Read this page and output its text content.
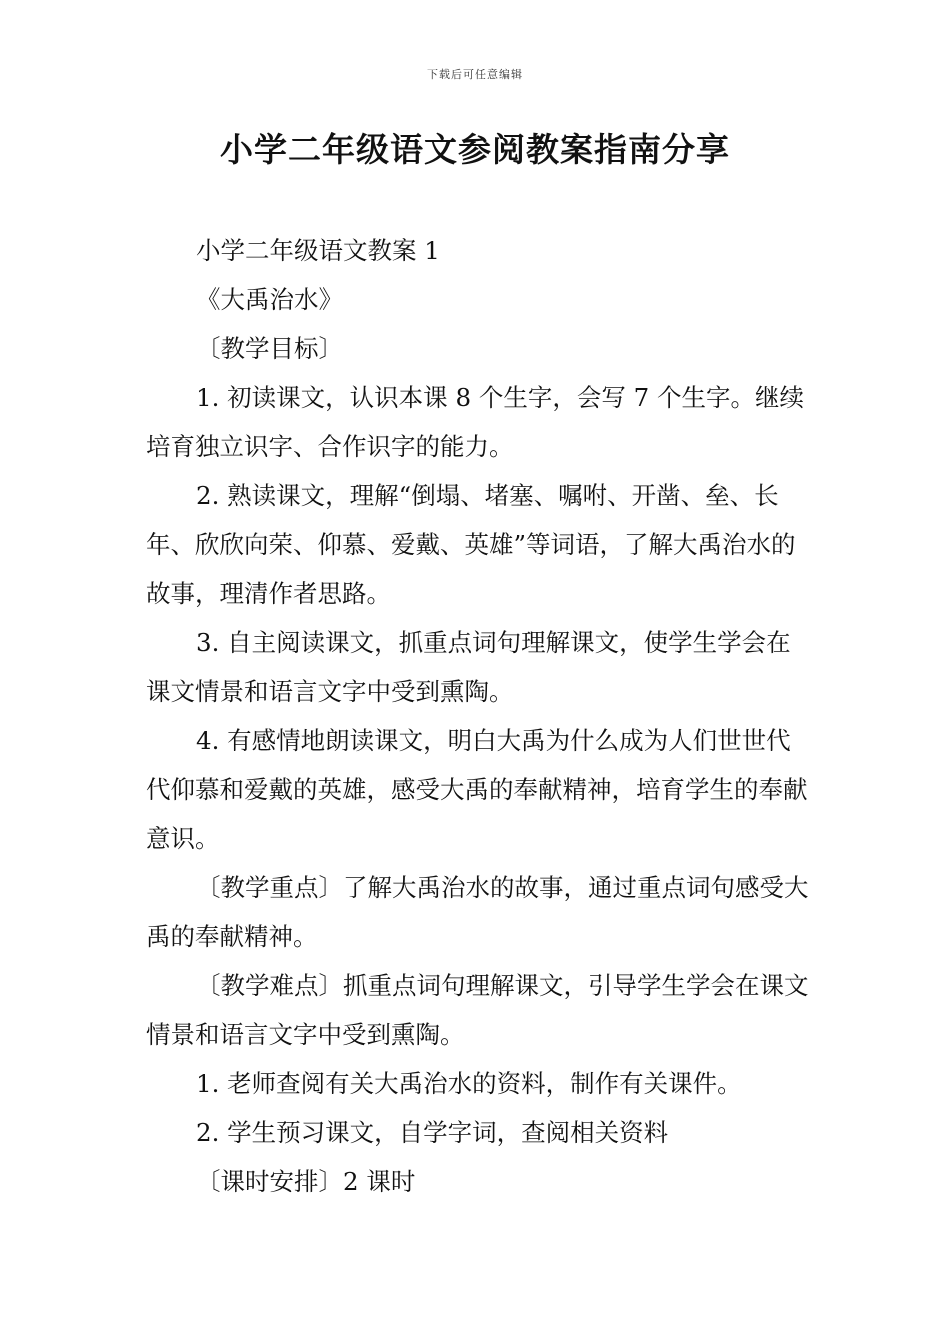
下载后可任意编辑
小学二年级语文参阅教案指南分享

小学二年级语文教案 1

《大禹治水》

〔教学目标〕

1. 初读课文，认识本课 8 个生字，会写 7 个生字。继续培育独立识字、合作识字的能力。

2. 熟读课文，理解“倒塌、堵塞、嘱咐、开凿、垒、长年、欣欣向荣、仰慕、爱戴、英雄”等词语，了解大禹治水的故事，理清作者思路。

3. 自主阅读课文，抓重点词句理解课文，使学生学会在课文情景和语言文字中受到熏陶。

4. 有感情地朗读课文，明白大禹为什么成为人们世世代代仰慕和爱戴的英雄，感受大禹的奉献精神，培育学生的奉献意识。

〔教学重点〕了解大禹治水的故事，通过重点词句感受大禹的奉献精神。

〔教学难点〕抓重点词句理解课文，引导学生学会在课文情景和语言文字中受到熏陶。

1. 老师查阅有关大禹治水的资料，制作有关课件。

2. 学生预习课文，自学字词，查阅相关资料

〔课时安排〕2 课时
